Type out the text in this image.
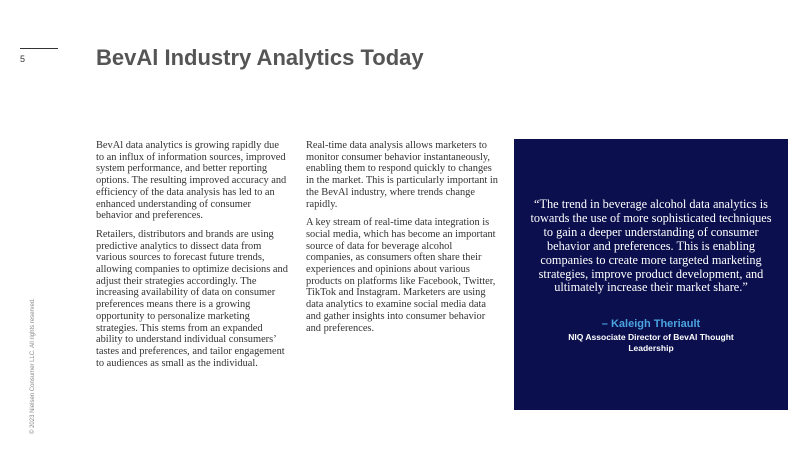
5	BevAl Industry Analytics Today
© 2023 Nielsen Consumer LLC. All rights reserved.

BevAl data analytics is growing rapidly due to an influx of information sources, improved system performance, and better reporting options. The resulting improved accuracy and efficiency of the data analysis has led to an enhanced understanding of consumer behavior and preferences.

Retailers, distributors and brands are using predictive analytics to dissect data from various sources to forecast future trends, allowing companies to optimize decisions and adjust their strategies accordingly. The increasing availability of data on consumer preferences means there is a growing opportunity to personalize marketing strategies. This stems from an expanded ability to understand individual consumers’ tastes and preferences, and tailor engagement to audiences as small as the individual.

Real-time data analysis allows marketers to monitor consumer behavior instantaneously, enabling them to respond quickly to changes in the market. This is particularly important in the BevAl industry, where trends change rapidly.

A key stream of real-time data integration is social media, which has become an important source of data for beverage alcohol companies, as consumers often share their experiences and opinions about various products on platforms like Facebook, Twitter, TikTok and Instagram. Marketers are using data analytics to examine social media data and gather insights into consumer behavior and preferences.

“The trend in beverage alcohol data analytics is towards the use of more sophisticated techniques to gain a deeper understanding of consumer behavior and preferences. This is enabling companies to create more targeted marketing strategies, improve product development, and ultimately increase their market share.”
– Kaleigh Theriault
NIQ Associate Director of BevAl Thought Leadership
